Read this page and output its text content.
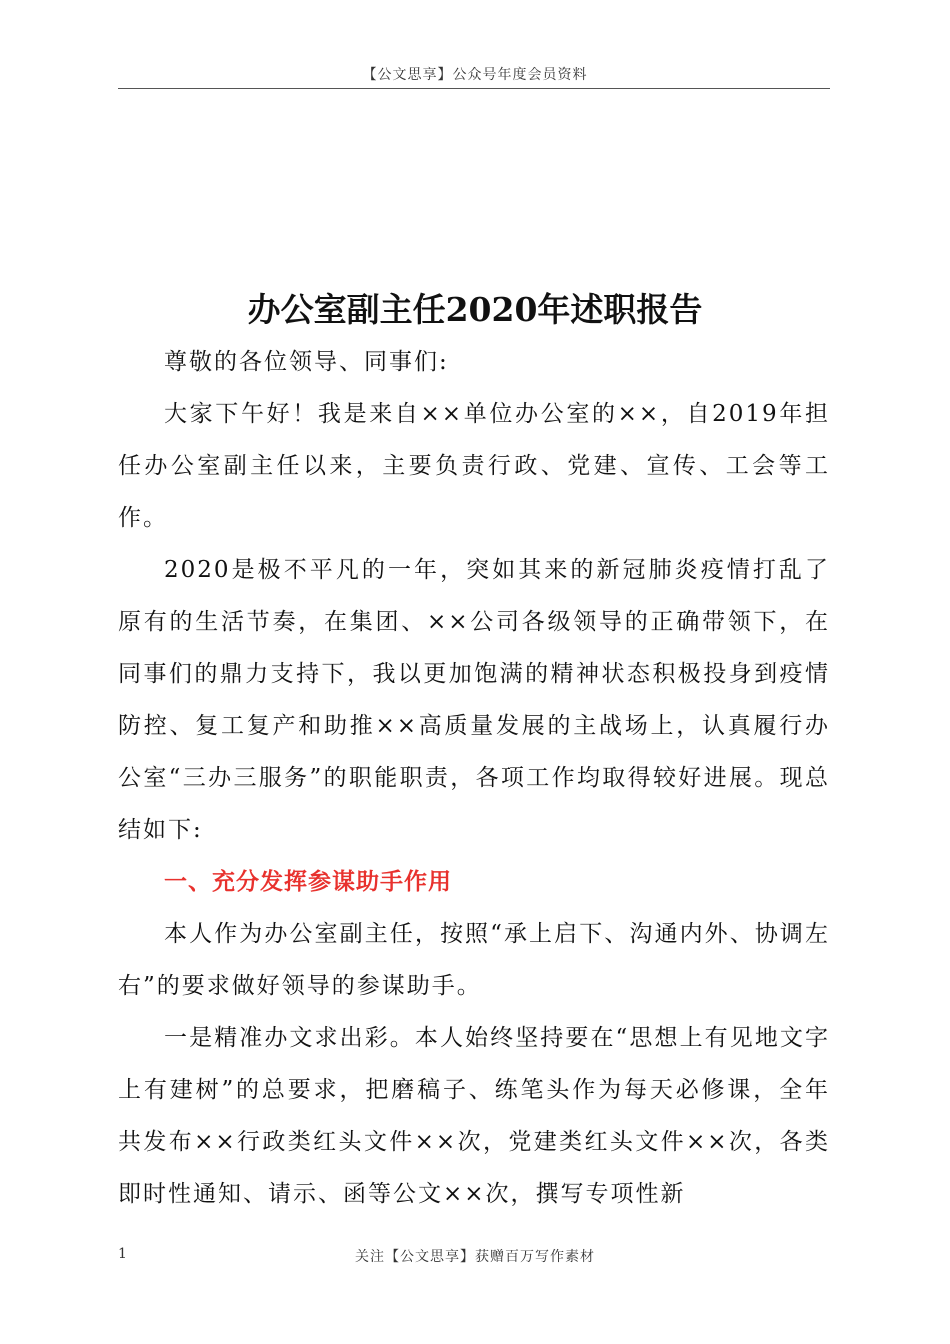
【公文思享】公众号年度会员资料
办公室副主任2020年述职报告

尊敬的各位领导、同事们:

大家下午好！我是来自××单位办公室的××，自2019年担任办公室副主任以来，主要负责行政、党建、宣传、工会等工作。

2020是极不平凡的一年，突如其来的新冠肺炎疫情打乱了原有的生活节奏，在集团、××公司各级领导的正确带领下，在同事们的鼎力支持下，我以更加饱满的精神状态积极投身到疫情防控、复工复产和助推××高质量发展的主战场上，认真履行办公室“三办三服务”的职能职责，各项工作均取得较好进展。现总结如下:

一、充分发挥参谋助手作用

本人作为办公室副主任，按照“承上启下、沟通内外、协调左右”的要求做好领导的参谋助手。

一是精准办文求出彩。本人始终坚持要在“思想上有见地文字上有建树”的总要求，把磨稿子、练笔头作为每天必修课，全年共发布××行政类红头文件××次，党建类红头文件××次，各类即时性通知、请示、函等公文××次，撰写专项性新

1	关注【公文思享】获赠百万写作素材
